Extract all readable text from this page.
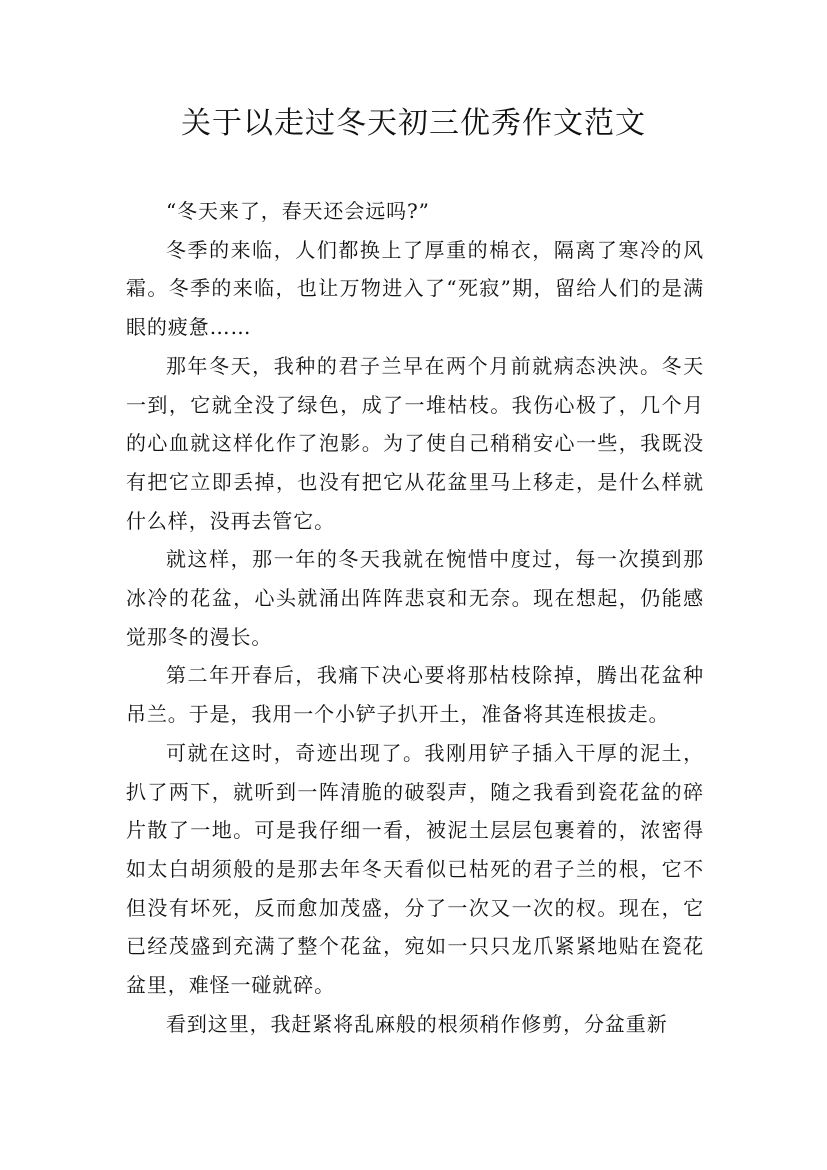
关于以走过冬天初三优秀作文范文

“冬天来了，春天还会远吗?”

冬季的来临，人们都换上了厚重的棉衣，隔离了寒冷的风霜。冬季的来临，也让万物进入了“死寂”期，留给人们的是满眼的疲惫……

那年冬天，我种的君子兰早在两个月前就病态泱泱。冬天一到，它就全没了绿色，成了一堆枯枝。我伤心极了，几个月的心血就这样化作了泡影。为了使自己稍稍安心一些，我既没有把它立即丢掉，也没有把它从花盆里马上移走，是什么样就什么样，没再去管它。

就这样，那一年的冬天我就在惋惜中度过，每一次摸到那冰冷的花盆，心头就涌出阵阵悲哀和无奈。现在想起，仍能感觉那冬的漫长。

第二年开春后，我痛下决心要将那枯枝除掉，腾出花盆种吊兰。于是，我用一个小铲子扒开土，准备将其连根拔走。

可就在这时，奇迹出现了。我刚用铲子插入干厚的泥土，扒了两下，就听到一阵清脆的破裂声，随之我看到瓷花盆的碎片散了一地。可是我仔细一看，被泥土层层包裹着的，浓密得如太白胡须般的是那去年冬天看似已枯死的君子兰的根，它不但没有坏死，反而愈加茂盛，分了一次又一次的杈。现在，它已经茂盛到充满了整个花盆，宛如一只只龙爪紧紧地贴在瓷花盆里，难怪一碰就碎。

看到这里，我赶紧将乱麻般的根须稍作修剪，分盆重新
